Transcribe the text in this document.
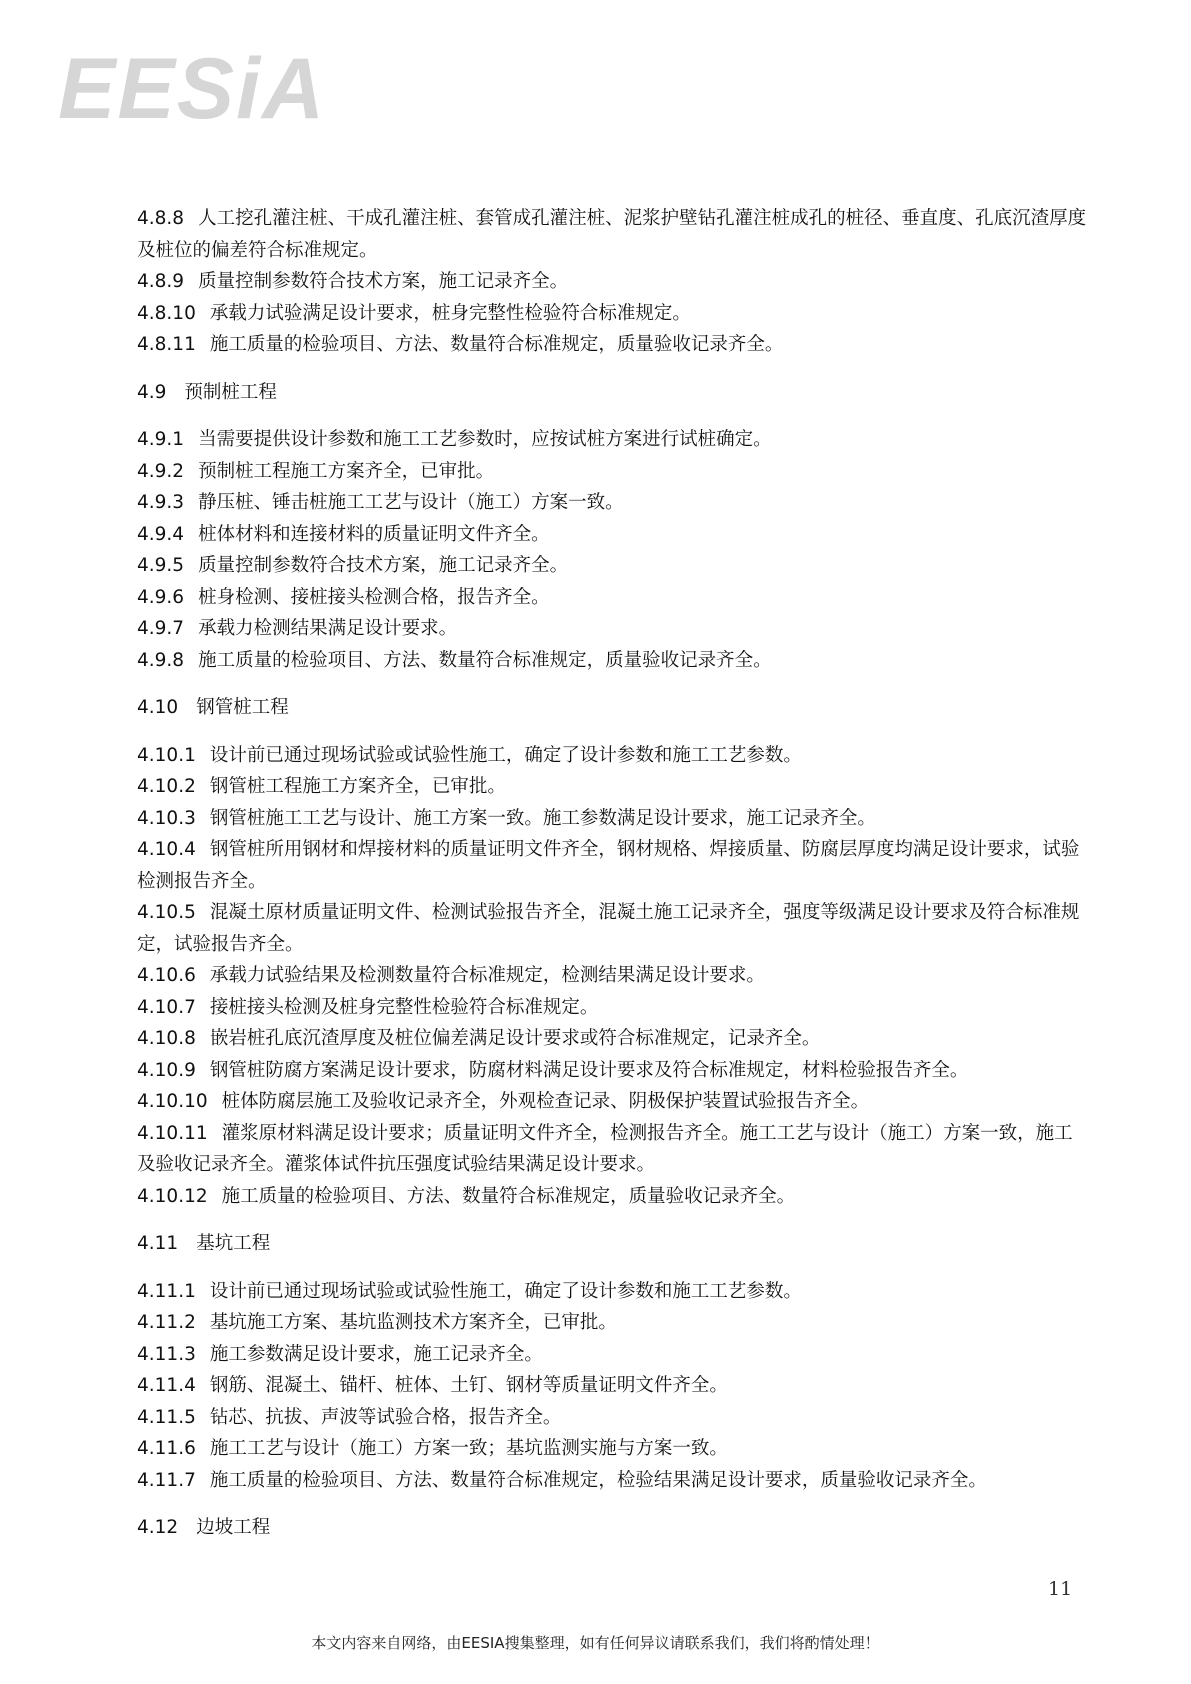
EESiA
4.8.8 人工挖孔灌注桩、干成孔灌注桩、套管成孔灌注桩、泥浆护壁钻孔灌注桩成孔的桩径、垂直度、孔底沉渣厚度及桩位的偏差符合标准规定。
4.8.9 质量控制参数符合技术方案，施工记录齐全。
4.8.10 承载力试验满足设计要求，桩身完整性检验符合标准规定。
4.8.11 施工质量的检验项目、方法、数量符合标准规定，质量验收记录齐全。
4.9 预制桩工程
4.9.1 当需要提供设计参数和施工工艺参数时，应按试桩方案进行试桩确定。
4.9.2 预制桩工程施工方案齐全，已审批。
4.9.3 静压桩、锤击桩施工工艺与设计（施工）方案一致。
4.9.4 桩体材料和连接材料的质量证明文件齐全。
4.9.5 质量控制参数符合技术方案，施工记录齐全。
4.9.6 桩身检测、接桩接头检测合格，报告齐全。
4.9.7 承载力检测结果满足设计要求。
4.9.8 施工质量的检验项目、方法、数量符合标准规定，质量验收记录齐全。
4.10 钢管桩工程
4.10.1 设计前已通过现场试验或试验性施工，确定了设计参数和施工工艺参数。
4.10.2 钢管桩工程施工方案齐全，已审批。
4.10.3 钢管桩施工工艺与设计、施工方案一致。施工参数满足设计要求，施工记录齐全。
4.10.4 钢管桩所用钢材和焊接材料的质量证明文件齐全，钢材规格、焊接质量、防腐层厚度均满足设计要求，试验检测报告齐全。
4.10.5 混凝土原材质量证明文件、检测试验报告齐全，混凝土施工记录齐全，强度等级满足设计要求及符合标准规定，试验报告齐全。
4.10.6 承载力试验结果及检测数量符合标准规定，检测结果满足设计要求。
4.10.7 接桩接头检测及桩身完整性检验符合标准规定。
4.10.8 嵌岩桩孔底沉渣厚度及桩位偏差满足设计要求或符合标准规定，记录齐全。
4.10.9 钢管桩防腐方案满足设计要求，防腐材料满足设计要求及符合标准规定，材料检验报告齐全。
4.10.10 桩体防腐层施工及验收记录齐全，外观检查记录、阴极保护装置试验报告齐全。
4.10.11 灌浆原材料满足设计要求；质量证明文件齐全，检测报告齐全。施工工艺与设计（施工）方案一致，施工及验收记录齐全。灌浆体试件抗压强度试验结果满足设计要求。
4.10.12 施工质量的检验项目、方法、数量符合标准规定，质量验收记录齐全。
4.11 基坑工程
4.11.1 设计前已通过现场试验或试验性施工，确定了设计参数和施工工艺参数。
4.11.2 基坑施工方案、基坑监测技术方案齐全，已审批。
4.11.3 施工参数满足设计要求，施工记录齐全。
4.11.4 钢筋、混凝土、锚杆、桩体、土钉、钢材等质量证明文件齐全。
4.11.5 钻芯、抗拔、声波等试验合格，报告齐全。
4.11.6 施工工艺与设计（施工）方案一致；基坑监测实施与方案一致。
4.11.7 施工质量的检验项目、方法、数量符合标准规定，检验结果满足设计要求，质量验收记录齐全。
4.12 边坡工程
11
本文内容来自网络，由EESIA搜集整理，如有任何异议请联系我们，我们将酌情处理！
